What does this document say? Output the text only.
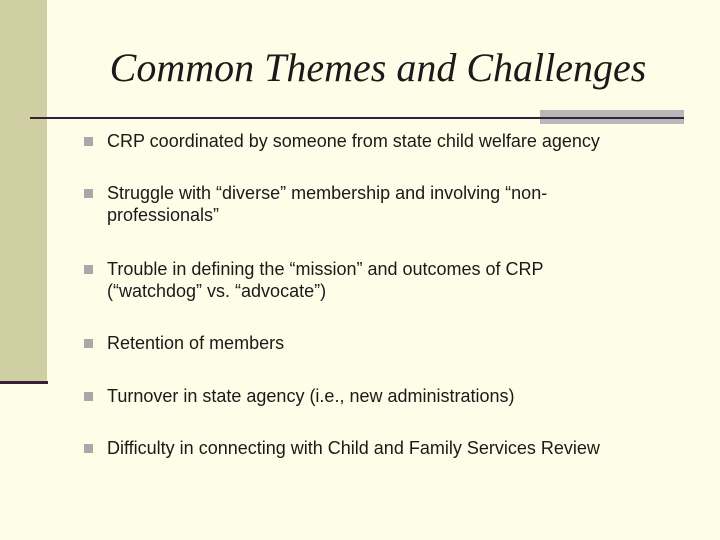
Common Themes and Challenges
CRP coordinated by someone from state child welfare agency
Struggle with “diverse” membership and involving “non-professionals”
Trouble in defining the “mission” and outcomes of CRP (“watchdog” vs. “advocate”)
Retention of members
Turnover in state agency (i.e., new administrations)
Difficulty in connecting with Child and Family Services Review
